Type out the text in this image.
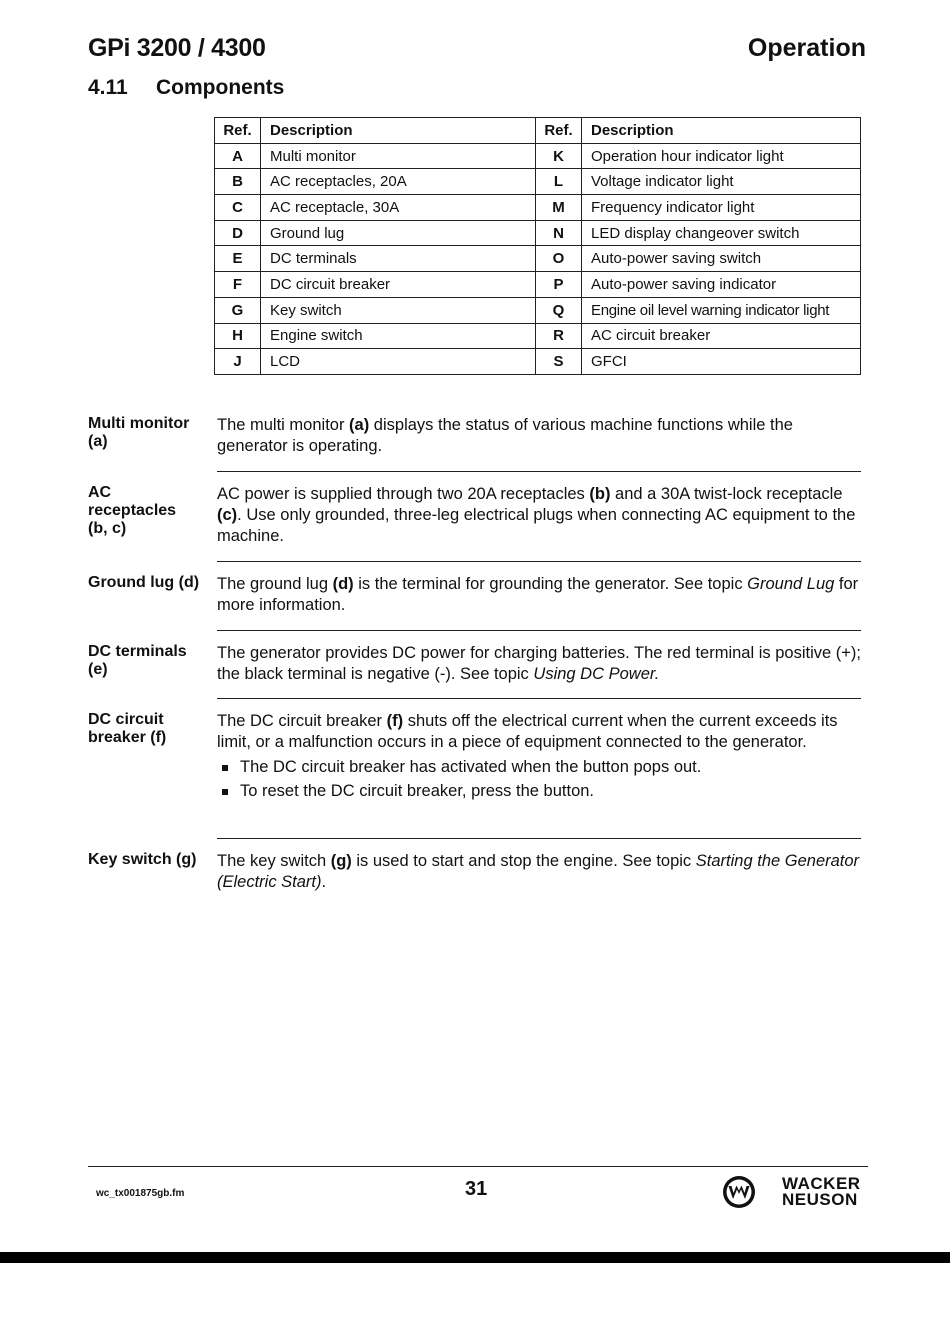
GPi 3200 / 4300	Operation
4.11 Components
Ref.	Description	Ref.	Description
A	Multi monitor	K	Operation hour indicator light
B	AC receptacles, 20A	L	Voltage indicator light
C	AC receptacle, 30A	M	Frequency indicator light
D	Ground lug	N	LED display changeover switch
E	DC terminals	O	Auto-power saving switch
F	DC circuit breaker	P	Auto-power saving indicator
G	Key switch	Q	Engine oil level warning indicator light
H	Engine switch	R	AC circuit breaker
J	LCD	S	GFCI
Multi monitor
(a)
The multi monitor (a) displays the status of various machine functions while the generator is operating.
AC
receptacles
(b, c)
AC power is supplied through two 20A receptacles (b) and a 30A twist-lock receptacle (c). Use only grounded, three-leg electrical plugs when connecting AC equipment to the machine.
Ground lug (d)	The ground lug (d) is the terminal for grounding the generator. See topic Ground Lug for more information.
DC terminals
(e)
The generator provides DC power for charging batteries. The red terminal is positive (+); the black terminal is negative (-). See topic Using DC Power.
DC circuit
breaker (f)
The DC circuit breaker (f) shuts off the electrical current when the current exceeds its limit, or a malfunction occurs in a piece of equipment connected to the generator.
The DC circuit breaker has activated when the button pops out.
To reset the DC circuit breaker, press the button.
Key switch (g)	The key switch (g) is used to start and stop the engine. See topic Starting the Generator (Electric Start).
wc_tx001875gb.fm	31	WACKER
NEUSON
